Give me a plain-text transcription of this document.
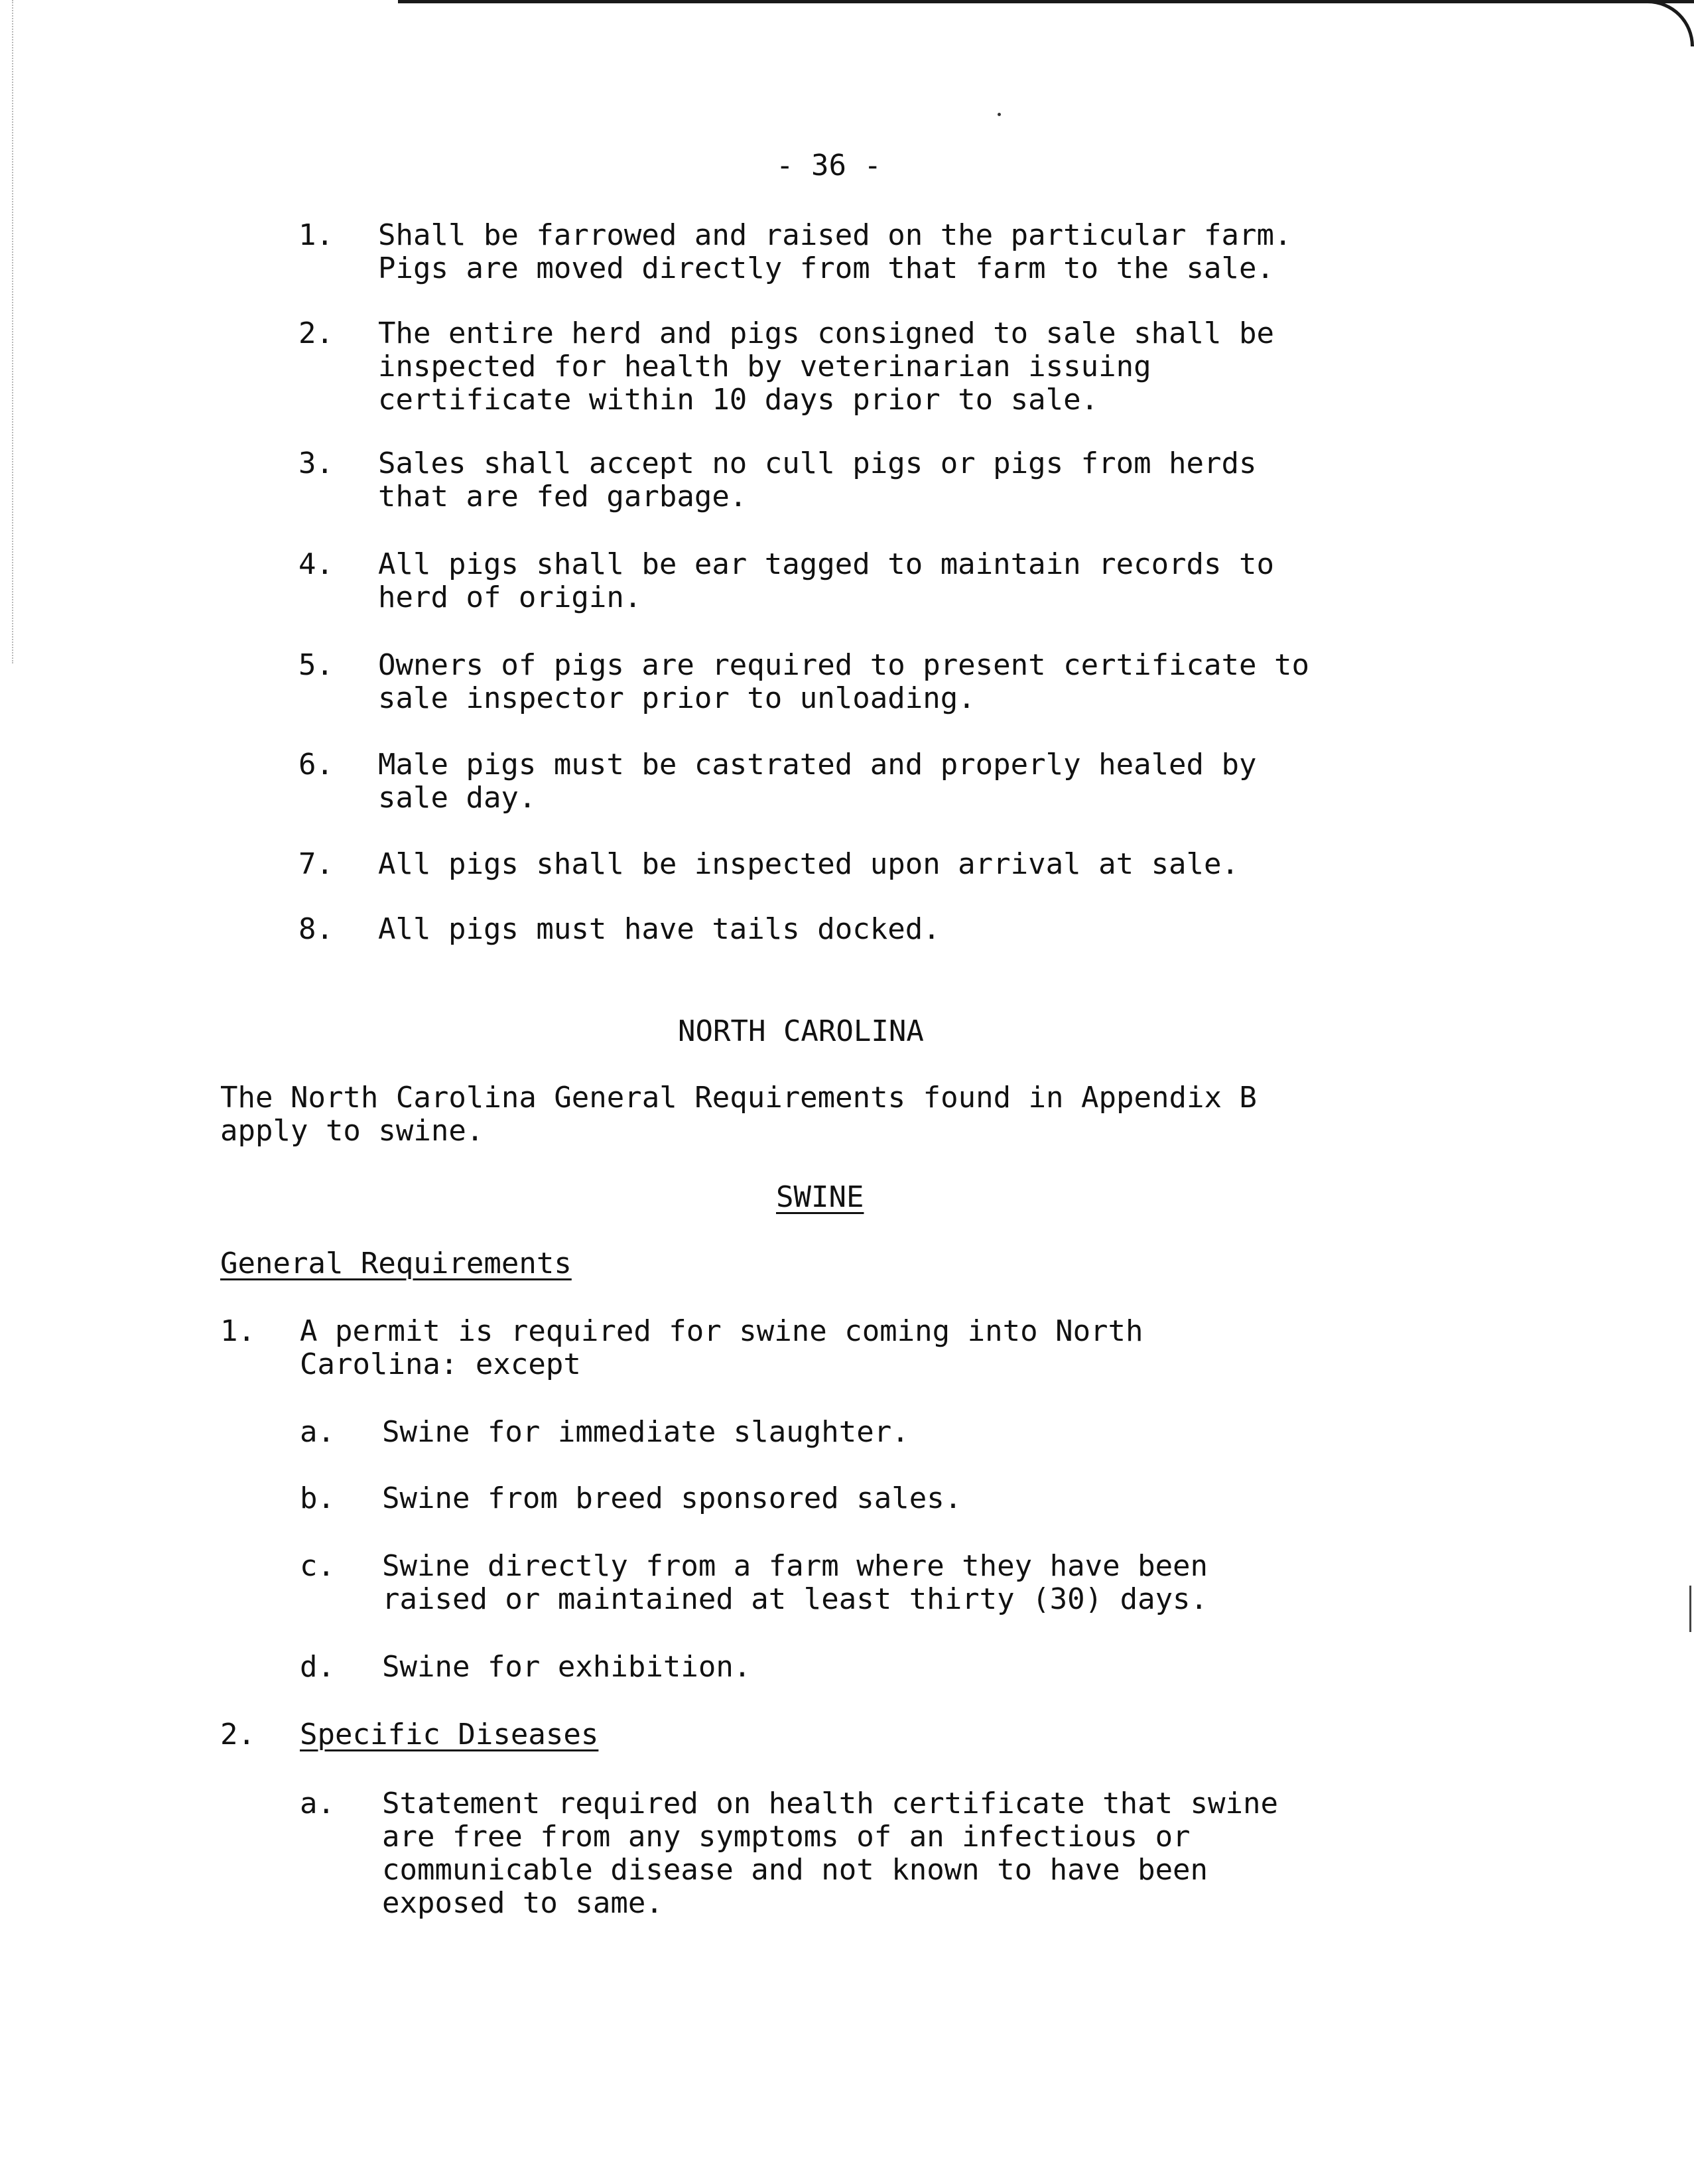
- 36 -
1. Shall be farrowed and raised on the particular farm.
Pigs are moved directly from that farm to the sale.
2. The entire herd and pigs consigned to sale shall be
inspected for health by veterinarian issuing
certificate within 10 days prior to sale.
3. Sales shall accept no cull pigs or pigs from herds
that are fed garbage.
4. All pigs shall be ear tagged to maintain records to
herd of origin.
5. Owners of pigs are required to present certificate to
sale inspector prior to unloading.
6. Male pigs must be castrated and properly healed by
sale day.
7. All pigs shall be inspected upon arrival at sale.
8. All pigs must have tails docked.
NORTH CAROLINA
The North Carolina General Requirements found in Appendix B
apply to swine.
SWINE
General Requirements
1. A permit is required for swine coming into North
Carolina: except
a. Swine for immediate slaughter.
b. Swine from breed sponsored sales.
c. Swine directly from a farm where they have been
raised or maintained at least thirty (30) days.
d. Swine for exhibition.
2. Specific Diseases
a. Statement required on health certificate that swine
are free from any symptoms of an infectious or
communicable disease and not known to have been
exposed to same.
